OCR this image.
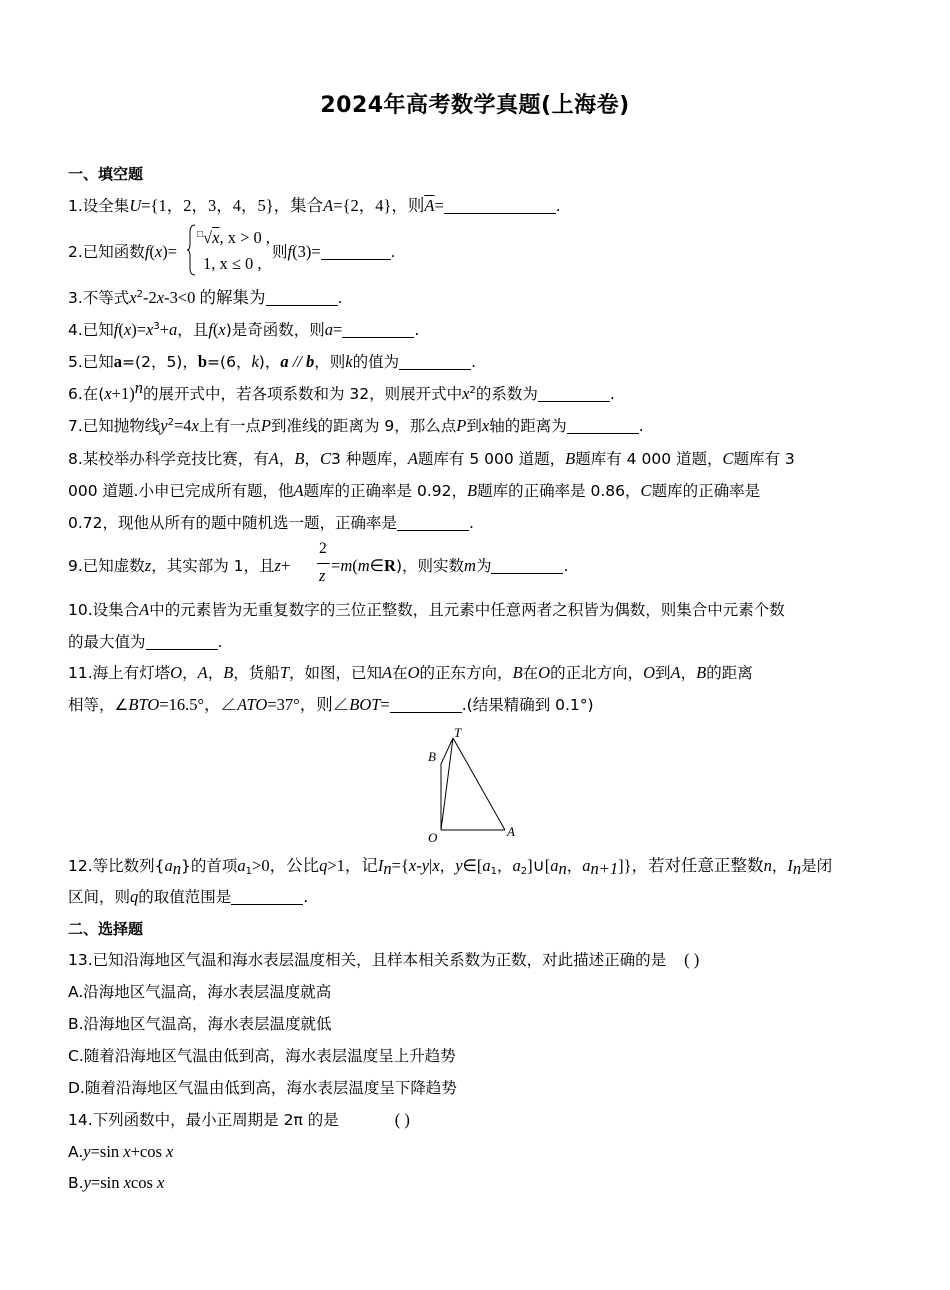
2024年高考数学真题(上海卷)
一、填空题
1.设全集U={1，2，3，4，5}，集合A={2，4}，则$\overline{A}=$	.
2.已知函数f(x)=
□√x, x > 0 ,
1, x ≤ 0 ,
则f(3)=	.
3.不等式$x^2-2x-3<0$ 的解集为	.
4.已知$f(x)=x^3+a$，且f(x)是奇函数，则a=	.
5.已知a=(2，5)，b=(6，k)，a // b，则k的值为	.
6.在$(x+1)^n$的展开式中，若各项系数和为 32，则展开式中$x^2$的系数为	.
7.已知抛物线$y^2=4x$上有一点P到准线的距离为 9，那么点P到x轴的距离为	.
8.某校举办科学竞技比赛，有A，B，C3 种题库，A题库有 5 000 道题，B题库有 4 000 道题，C题库有 3
000 道题.小申已完成所有题，他A题库的正确率是 0.92，B题库的正确率是 0.86，C题库的正确率是
0.72，现他从所有的题中随机选一题，正确率是	.
9.已知虚数z，其实部为 1，且z+
2
z
=m(m∈R)，则实数m为	.
10.设集合A中的元素皆为无重复数字的三位正整数，且元素中任意两者之积皆为偶数，则集合中元素个数
的最大值为	.
11.海上有灯塔O，A，B，货船T，如图，已知A在O的正东方向，B在O的正北方向，O到A，B的距离
相等，∠BTO=16.5°，∠ATO=37°，则∠BOT=	.(结果精确到 0.1°)
T
B
O	A
12.等比数列$\{a_n\}$的首项$a_1>0$，公比q>1，记$I_n=\{x-y|x$，$y\in[a_1$，$a_2]\cup[a_n$，$a_{n+1}$]}，若对任意正整数n，$I_n$是闭
区间，则q的取值范围是	.
二、选择题
13.已知沿海地区气温和海水表层温度相关，且样本相关系数为正数，对此描述正确的是 ( )
A.沿海地区气温高，海水表层温度就高
B.沿海地区气温高，海水表层温度就低
C.随着沿海地区气温由低到高，海水表层温度呈上升趋势
D.随着沿海地区气温由低到高，海水表层温度呈下降趋势
14.下列函数中，最小正周期是 2π 的是	( )
A.y=sin x+cos x
B.y=sin xcos x
